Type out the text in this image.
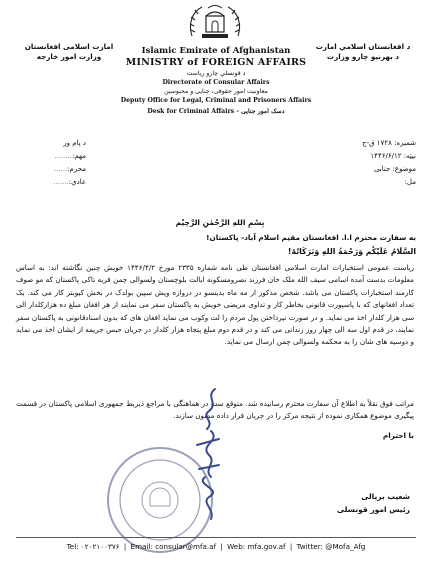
د افغانستان اسلامي امارت
د بهرنیو چارو وزارت
امارت اسلامی افغانستان
وزارت امور خارجه
Islamic Emirate of Afghanistan
MINISTRY of FOREIGN AFFAIRS
د قونسلي چارو ریاست
Directorate of Consular Affairs
معاونیت امور حقوقی، جنایی و محبوسین
Deputy Office for Legal, Criminal and Prisoners Affairs
Desk for Criminal Affairs - دسک امور جنایی
شمیره: ۱۷۲۸ ق-ج
نیټه: ۱۴۴۶/۶/۱۲
موضوع: جنایی
مل:
د پام ور
مهم:........
محرم:......
عادي:.......
بِسْمِ اللهِ الرَّحْمٰنِ الرَّحِیْم
به سفارت محترم ا.ا. افغانستان مقیم اسلام آباد- پاکستان!
السَّلَامُ عَلَيْكُم وَرَحْمَةُ اللهِ وَبَرَكَاتُهُ!
ریاست عمومی استخبارات امارت اسلامی افغانستان طی نامه شماره ۲۳۳۵ مورخ ۱۴۴۶/۴/۲ خویش چنین نگاشته اند: به اساس معلومات بدست آمده اسامی سیف الله ملک خان فرزند نصرومسکونه ایالت بلوچستان ولسوالی چمن قریه تاکی پاکستان که مو صوف کارمند استخبارات پاکستان می باشد. شخص مذکور از مه ماه بدینسو در دروازه ویش سپین بولدک در بخش کیوبتر کار می کند. یک تعداد افغانهای که با پاسپورت قانونی بخاطر کار و تداوی مریضی خویش به پاکستان سفر می نمایند از هر افغان مبلغ ده هزارکلدار الی سی هزار کلدار اخذ می نماید. و در صورت نپرداختن پول مردم را لت وکوب می نماید افغان های که بدون اسنادقانونی به پاکستان سفر نمایند، در قدم اول سه الی چهار روز زندانی می کند و در قدم دوم مبلغ پنجاه هزار کلدار در جریان حبس جریمه از ایشان اخذ می نماید و دوسیه های شان را به محکمه ولسوالی چمن ارسال می نماید.
مراتب فوق نقلاً به اطلاع آن سفارت محترم رسانیده شد. متوقع ست در هماهنگی با مراجع ذیربط جمهوری اسلامی پاکستان در قسمت پیگیری موضوع همکاری نموده از نتیجه مرکز را در جریان قرار داده ممنون سازند.
با احترام
شعیب بریالی
رئیس امور قونسلی
Tel: ۰۲۰۲۱۰۰۳۷۶ | Email: consular@mfa.af | Web: mfa.gov.af | Twitter: @Mofa_Afg
